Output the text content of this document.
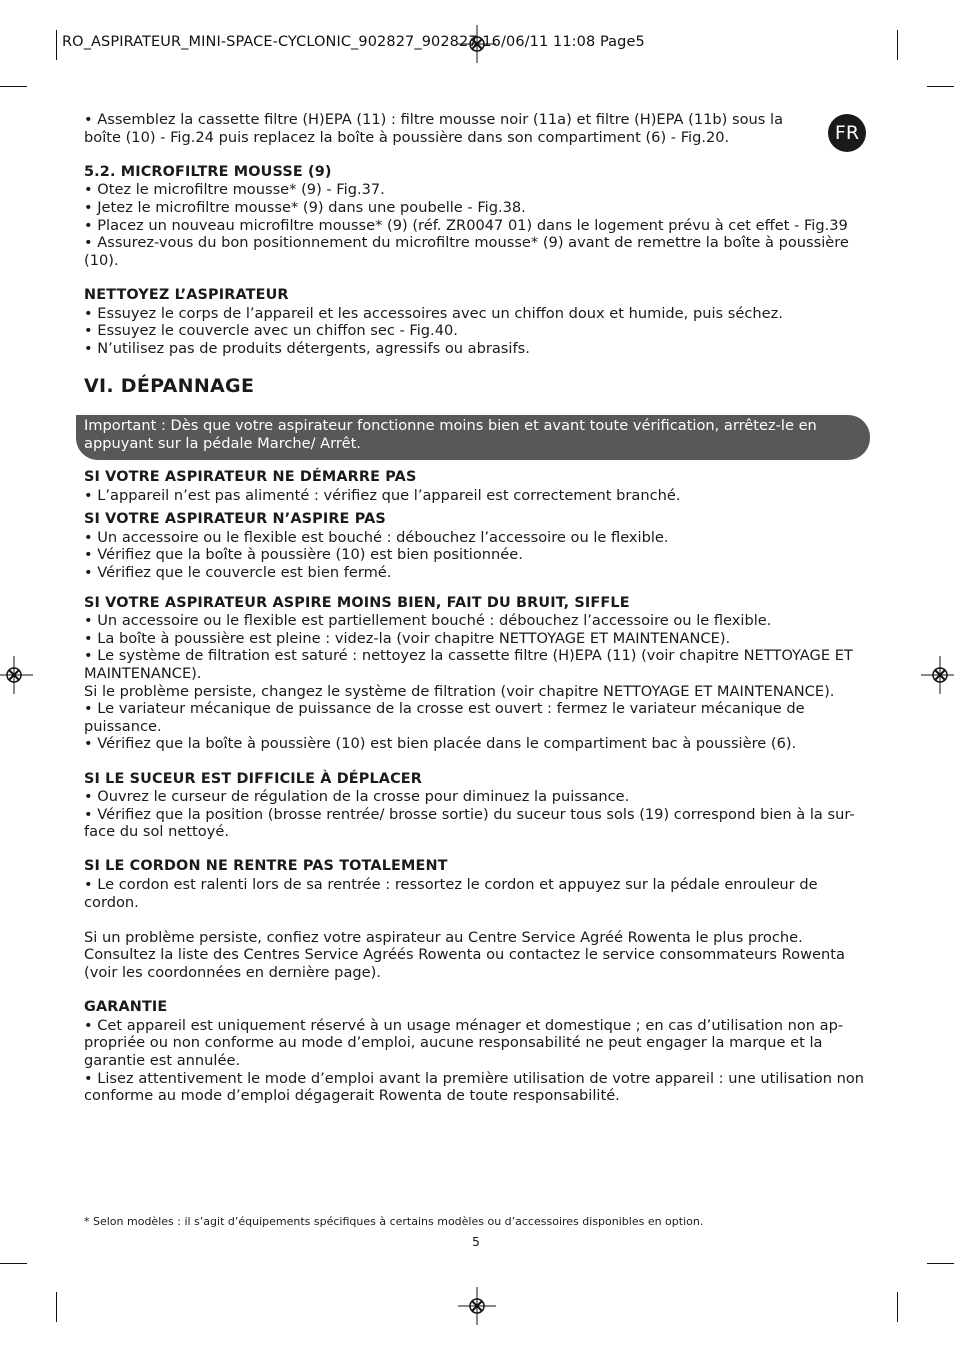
RO_ASPIRATEUR_MINI-SPACE-CYCLONIC_902827_902827 16/06/11 11:08 Page5
FR

• Assemblez la cassette filtre (H)EPA (11) : filtre mousse noir (11a) et filtre (H)EPA (11b) sous la boîte (10) - Fig.24 puis replacez la boîte à poussière dans son compartiment (6) - Fig.20.

5.2. MICROFILTRE MOUSSE (9)

• Otez le microfiltre mousse* (9) - Fig.37.

• Jetez le microfiltre mousse* (9) dans une poubelle - Fig.38.

• Placez un nouveau microfiltre mousse* (9) (réf. ZR0047 01) dans le logement prévu à cet effet - Fig.39

• Assurez-vous du bon positionnement du microfiltre mousse* (9) avant de remettre la boîte à poussière (10).

NETTOYEZ L’ASPIRATEUR

• Essuyez le corps de l’appareil et les accessoires avec un chiffon doux et humide, puis séchez.

• Essuyez le couvercle avec un chiffon sec - Fig.40.

• N’utilisez pas de produits détergents, agressifs ou abrasifs.

VI. DÉPANNAGE

Important : Dès que votre aspirateur fonctionne moins bien et avant toute vérification, arrêtez-le en appuyant sur la pédale Marche/ Arrêt.

SI VOTRE ASPIRATEUR NE DÉMARRE PAS

• L’appareil n’est pas alimenté : vérifiez que l’appareil est correctement branché.

SI VOTRE ASPIRATEUR N’ASPIRE PAS

• Un accessoire ou le flexible est bouché : débouchez l’accessoire ou le flexible.

• Vérifiez que la boîte à poussière (10) est bien positionnée.

• Vérifiez que le couvercle est bien fermé.

SI VOTRE ASPIRATEUR ASPIRE MOINS BIEN, FAIT DU BRUIT, SIFFLE

• Un accessoire ou le flexible est partiellement bouché : débouchez l’accessoire ou le flexible.

• La boîte à poussière est pleine : videz-la (voir chapitre NETTOYAGE ET MAINTENANCE).

• Le système de filtration est saturé : nettoyez la cassette filtre (H)EPA (11) (voir chapitre NETTOYAGE ET MAINTENANCE).

Si le problème persiste, changez le système de filtration (voir chapitre NETTOYAGE ET MAINTENANCE).

• Le variateur mécanique de puissance de la crosse est ouvert : fermez le variateur mécanique de puissance.

• Vérifiez que la boîte à poussière (10) est bien placée dans le compartiment bac à poussière (6).

SI LE SUCEUR EST DIFFICILE À DÉPLACER

• Ouvrez le curseur de régulation de la crosse pour diminuez la puissance.

• Vérifiez que la position (brosse rentrée/ brosse sortie) du suceur tous sols (19) correspond bien à la sur-face du sol nettoyé.

SI LE CORDON NE RENTRE PAS TOTALEMENT

• Le cordon est ralenti lors de sa rentrée : ressortez le cordon et appuyez sur la pédale enrouleur de cordon.

Si un problème persiste, confiez votre aspirateur au Centre Service Agréé Rowenta le plus proche. Consultez la liste des Centres Service Agréés Rowenta ou contactez le service consommateurs Rowenta (voir les coordonnées en dernière page).

GARANTIE

• Cet appareil est uniquement réservé à un usage ménager et domestique ; en cas d’utilisation non ap-propriée ou non conforme au mode d’emploi, aucune responsabilité ne peut engager la marque et la garantie est annulée.

• Lisez attentivement le mode d’emploi avant la première utilisation de votre appareil : une utilisation non conforme au mode d’emploi dégagerait Rowenta de toute responsabilité.

* Selon modèles : il s’agit d’équipements spécifiques à certains modèles ou d’accessoires disponibles en option.
5
